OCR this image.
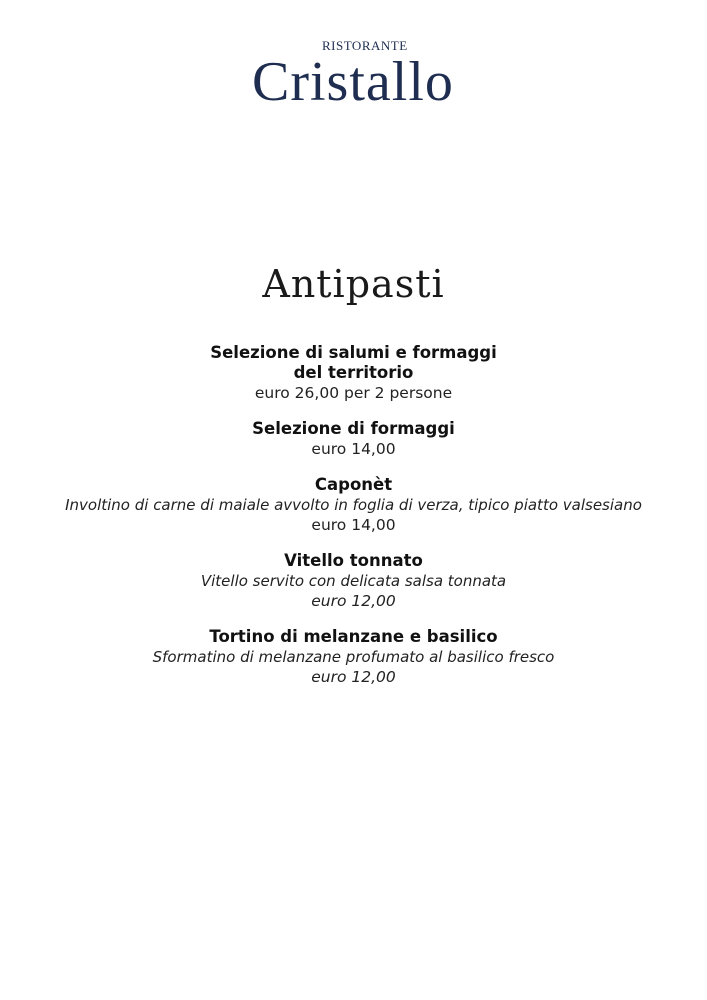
RISTORANTE
Cristallo
Antipasti
Selezione di salumi e formaggi
del territorio
euro 26,00 per 2 persone
Selezione di formaggi
euro 14,00
Caponèt
Involtino di carne di maiale avvolto in foglia di verza, tipico piatto valsesiano
euro 14,00
Vitello tonnato
Vitello servito con delicata salsa tonnata
euro 12,00
Tortino di melanzane e basilico
Sformatino di melanzane profumato al basilico fresco
euro 12,00
